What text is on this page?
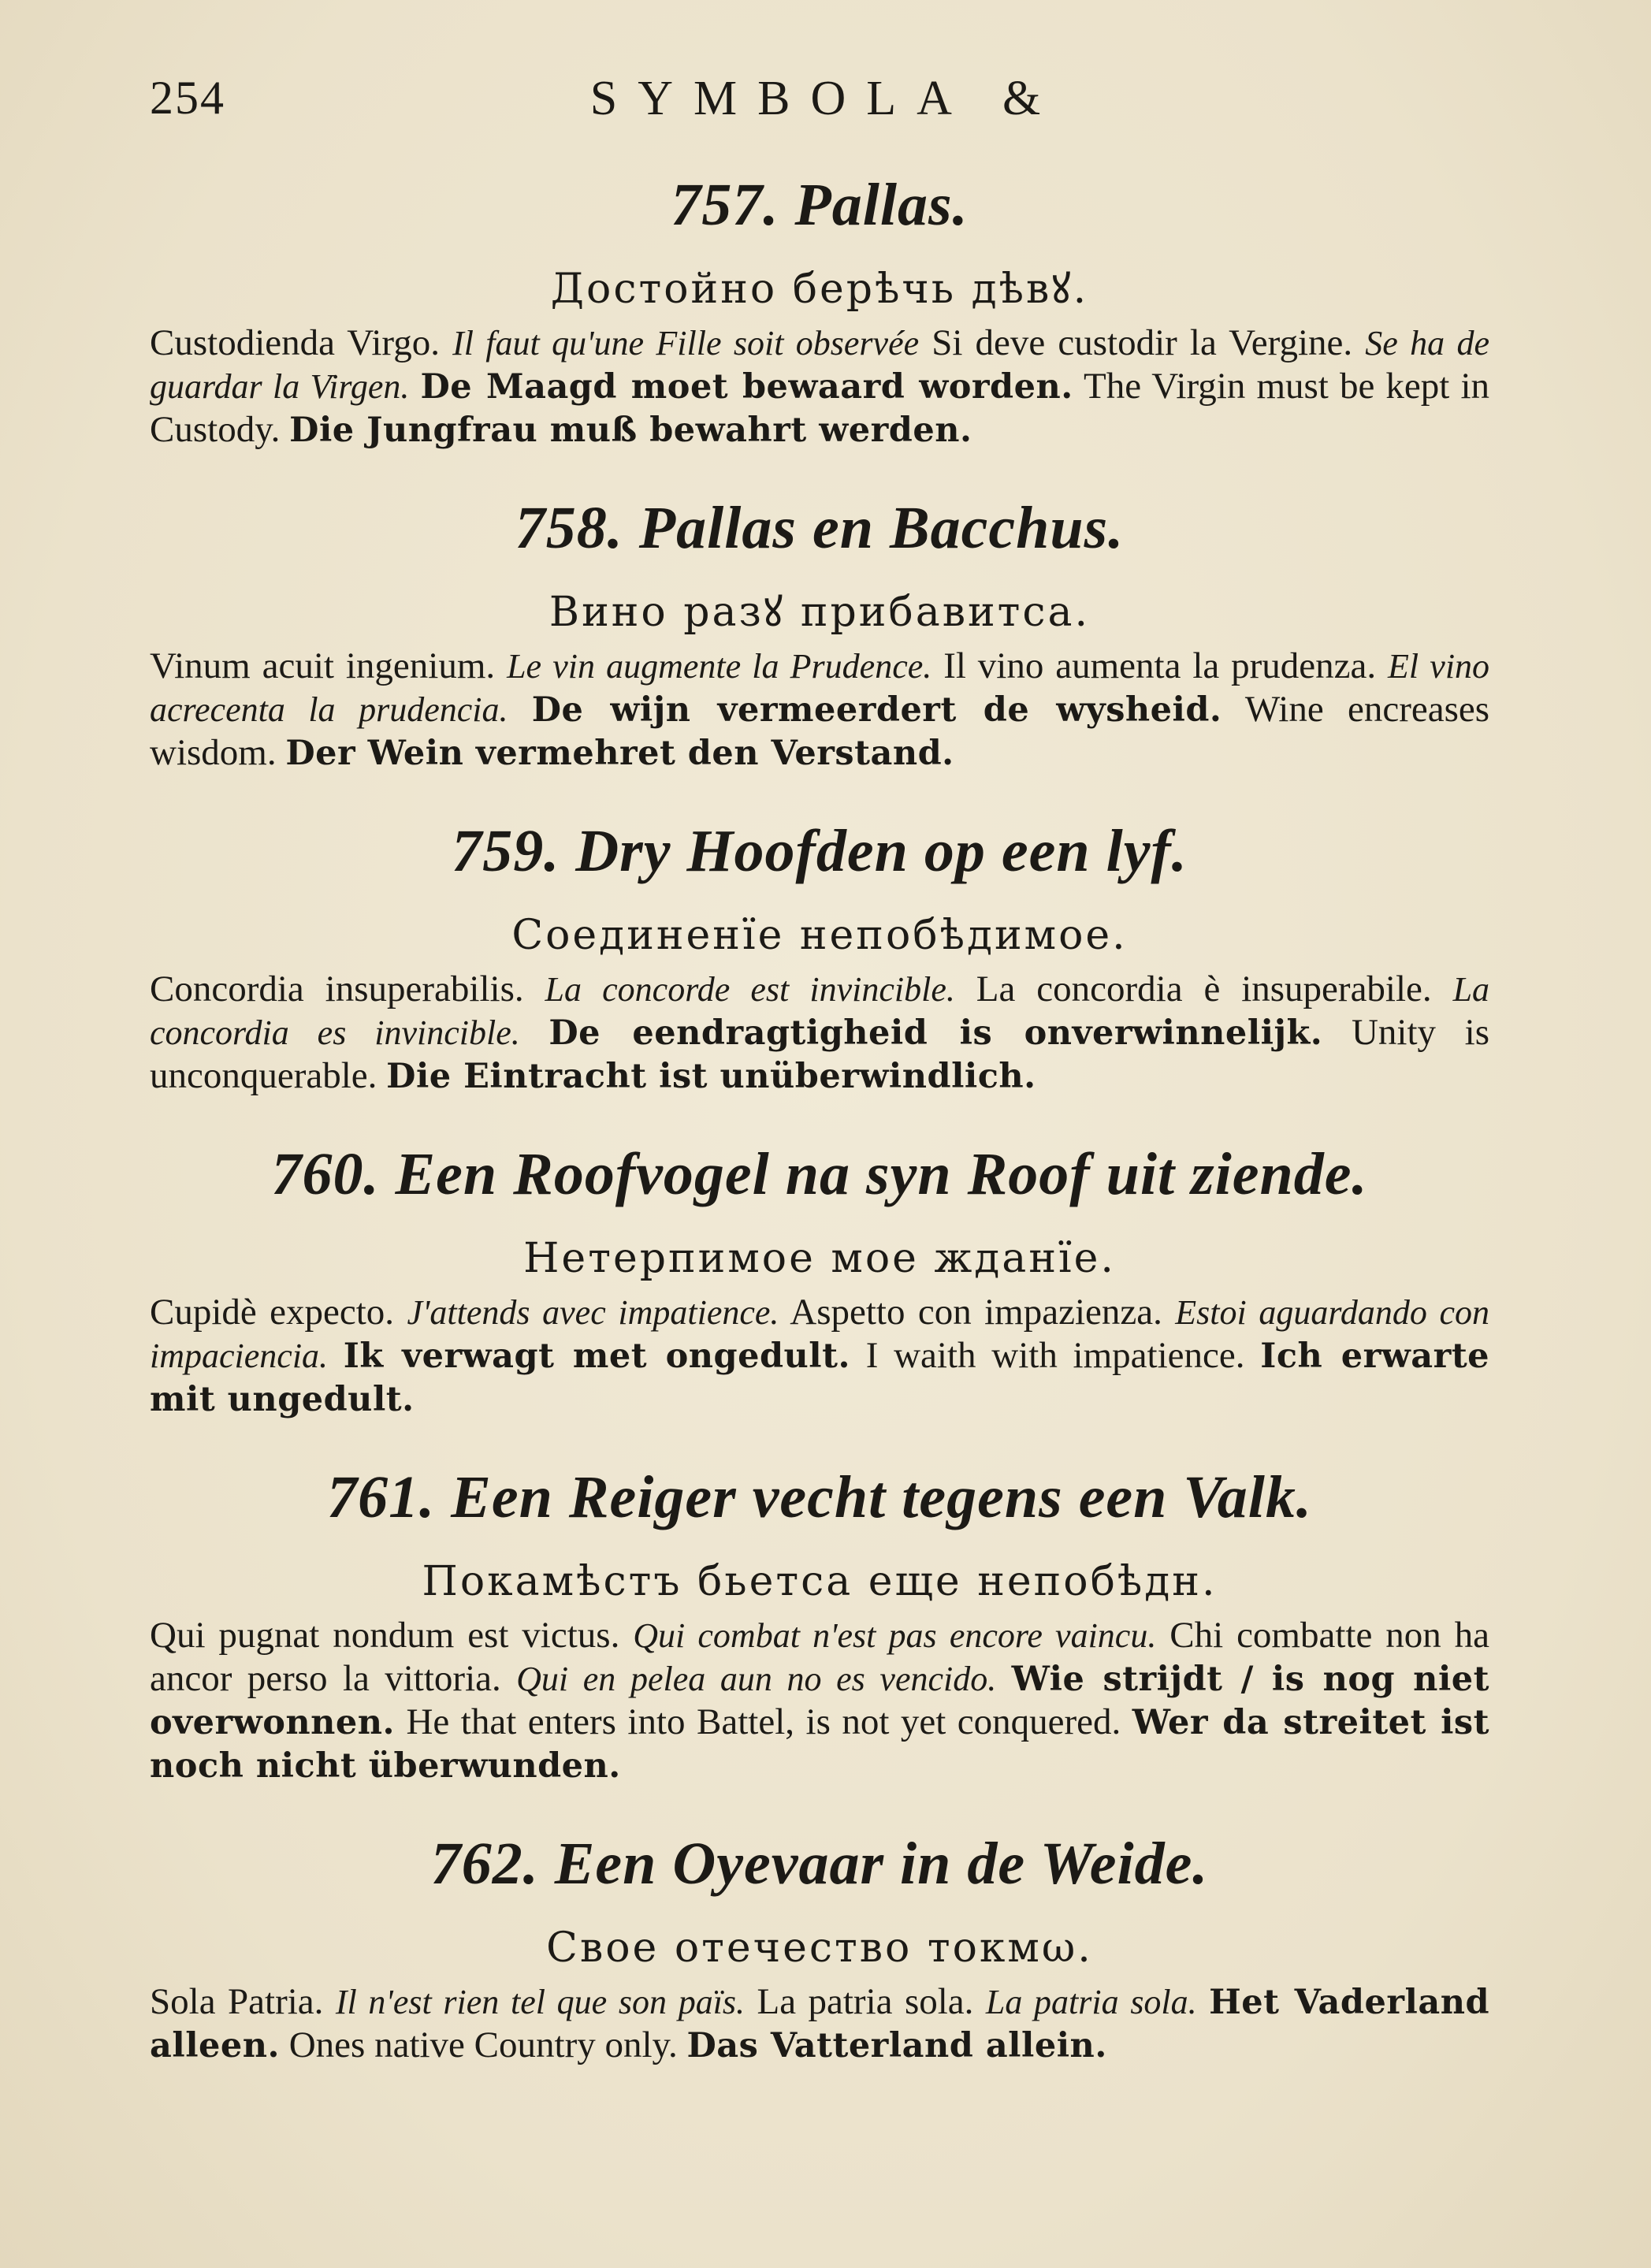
254	SYMBOLA &
757. Pallas.
Достойно берѣчь дѣвꙋ.

Custodienda Virgo. Il faut qu'une Fille soit observée Si deve custodir la Vergine. Se ha de guardar la Virgen. De Maagd moet bewaard worden. The Virgin must be kept in Custody. Die Jungfrau muß bewahrt werden.

758. Pallas en Bacchus.
Вино разꙋ прибавитса.

Vinum acuit ingenium. Le vin augmente la Prudence. Il vino aumenta la prudenza. El vino acrecenta la prudencia. De wijn vermeerdert de wysheid. Wine encreases wisdom. Der Wein vermehret den Verstand.

759. Dry Hoofden op een lyf.
Соединенїе непобѣдимое.

Concordia insuperabilis. La concorde est invincible. La concordia è insuperabile. La concordia es invincible. De eendragtigheid is onverwinnelijk. Unity is unconquerable. Die Eintracht ist unüberwindlich.

760. Een Roofvogel na syn Roof uit ziende.
Нетерпимое мое жданїе.

Cupidè expecto. J'attends avec impatience. Aspetto con impazienza. Estoi aguardando con impaciencia. Ik verwagt met ongedult. I waith with impatience. Ich erwarte mit ungedult.

761. Een Reiger vecht tegens een Valk.
Покамѣстъ бьетса еще непобѣдн.

Qui pugnat nondum est victus. Qui combat n'est pas encore vaincu. Chi combatte non ha ancor perso la vittoria. Qui en pelea aun no es vencido. Wie strijdt / is nog niet overwonnen. He that enters into Battel, is not yet conquered. Wer da streitet ist noch nicht überwunden.

762. Een Oyevaar in de Weide.
Свое отечество токмω.

Sola Patria. Il n'est rien tel que son païs. La patria sola. La patria sola. Het Vaderland alleen. Ones native Country only. Das Vatterland allein.
